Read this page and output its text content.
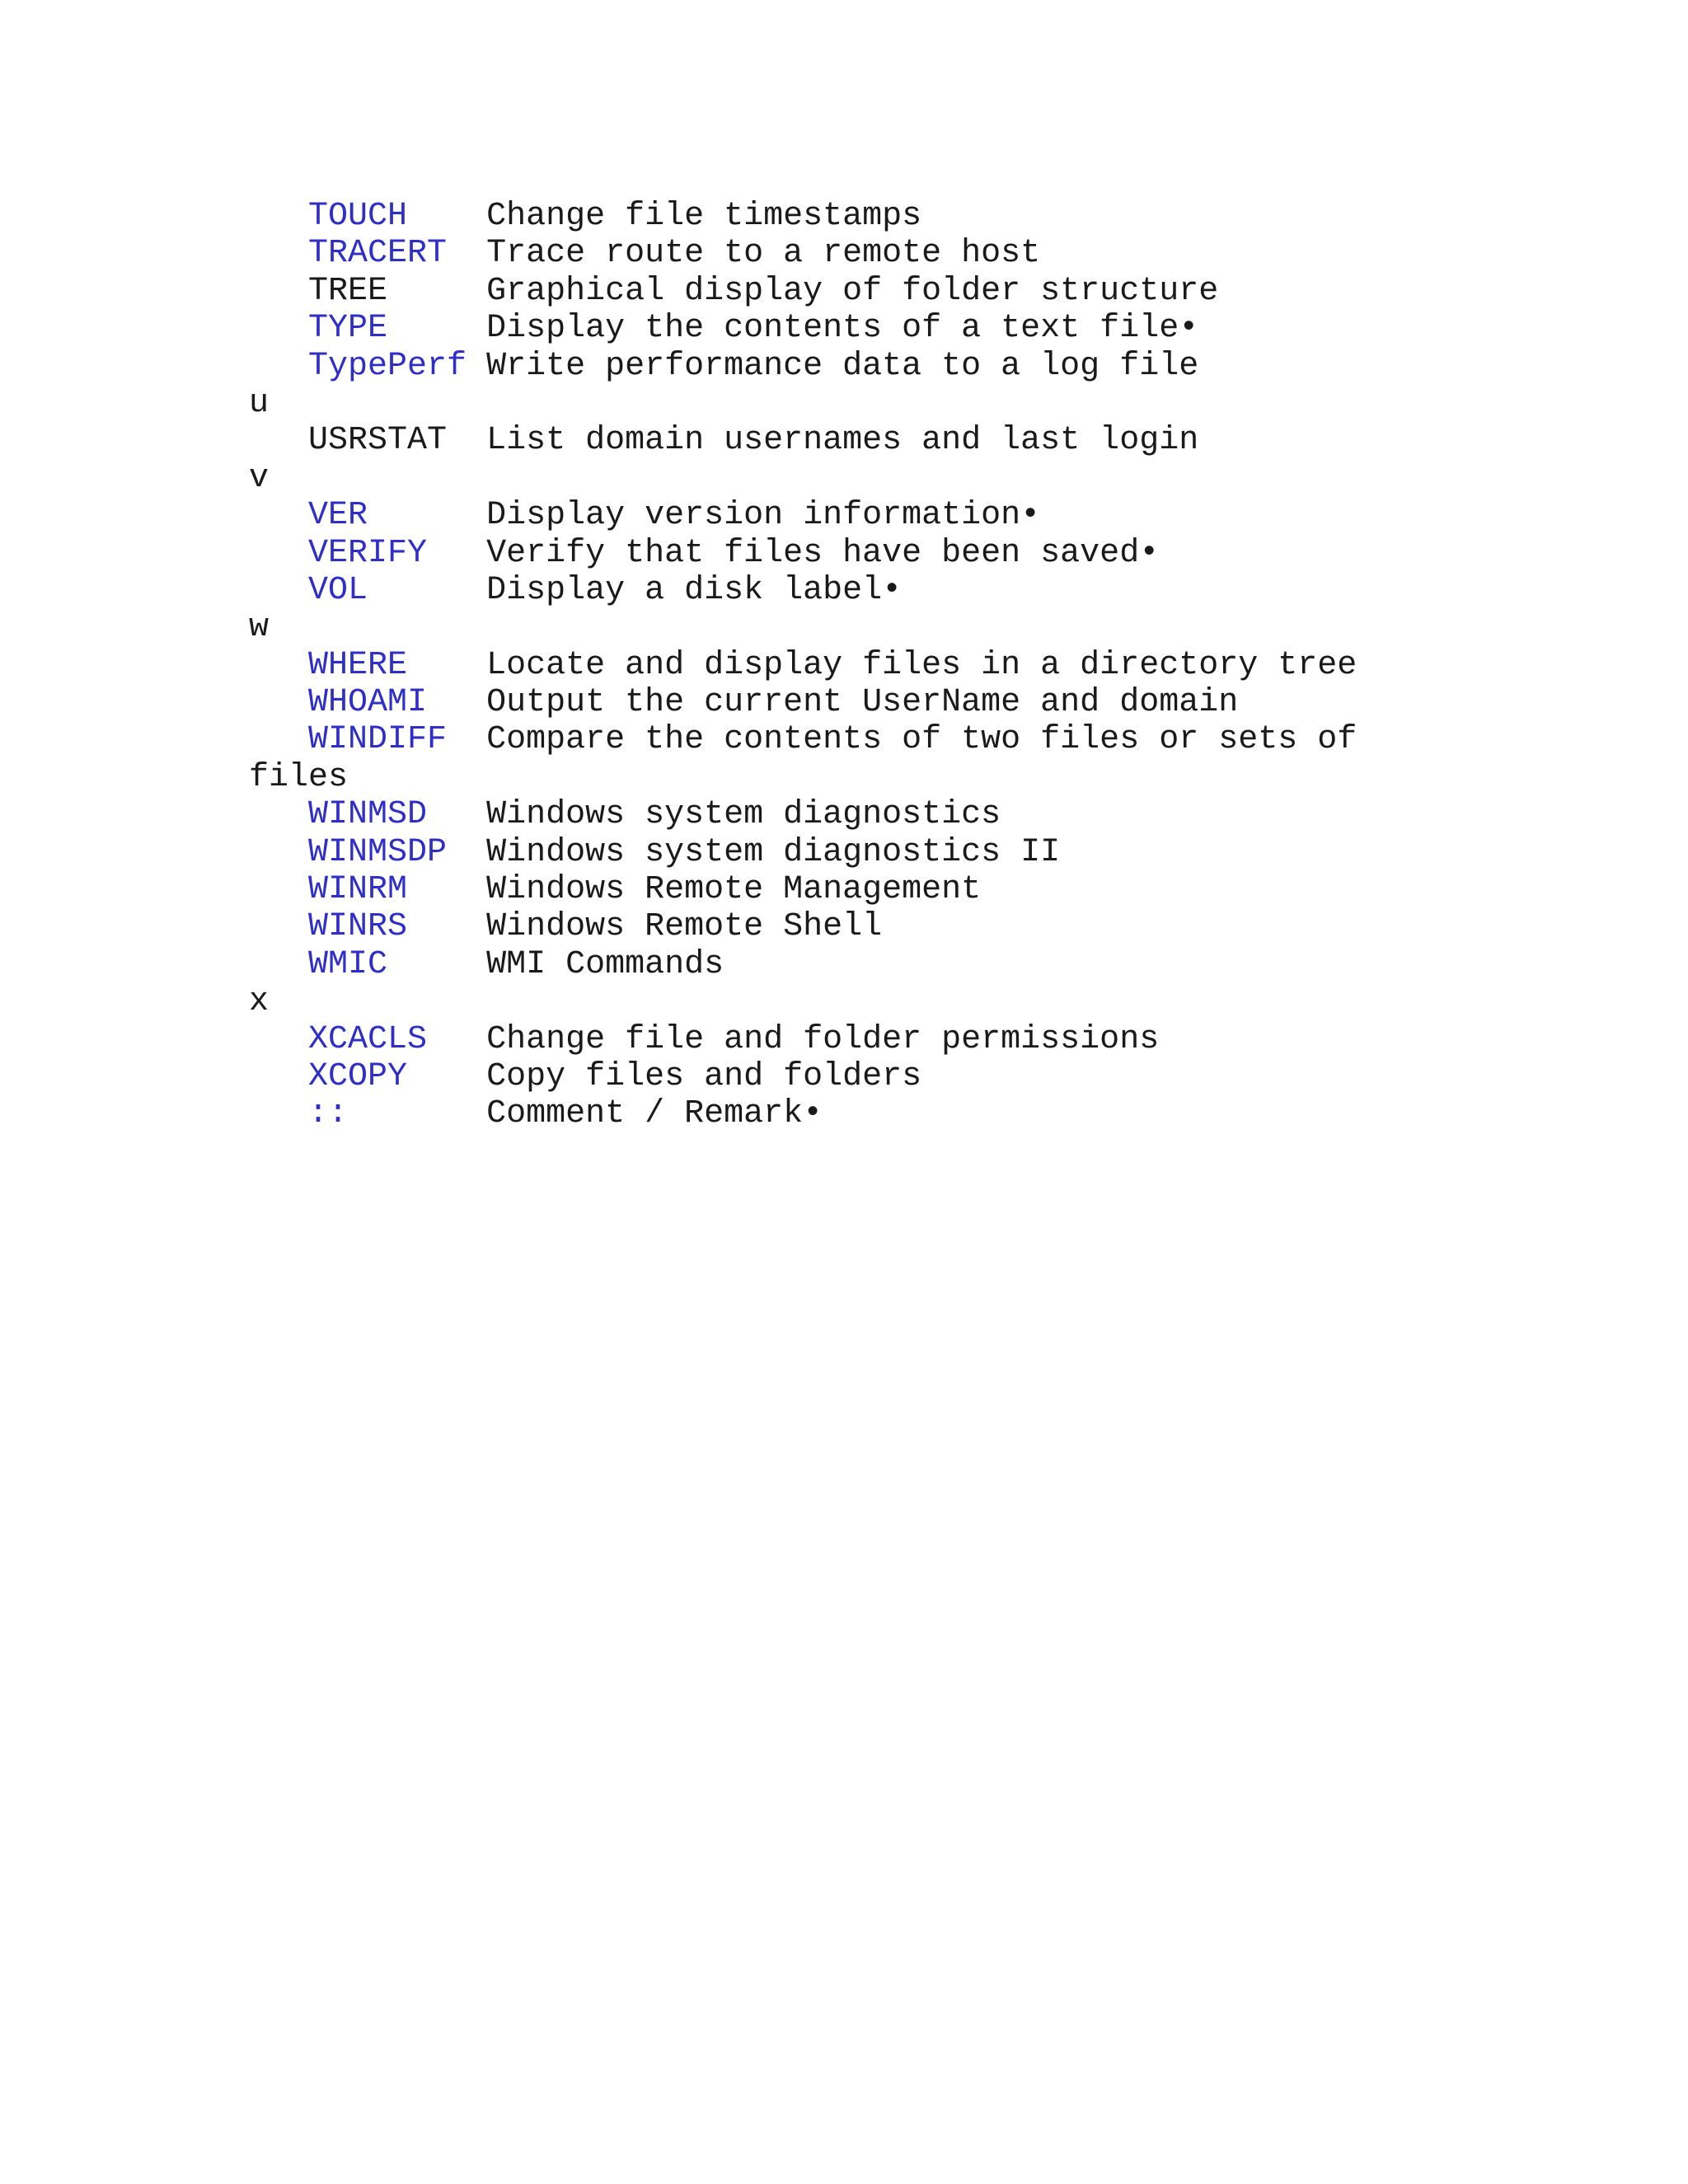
TOUCH    Change file timestamps
TRACERT  Trace route to a remote host
TREE     Graphical display of folder structure
TYPE     Display the contents of a text file•
TypePerf Write performance data to a log file
u
USRSTAT  List domain usernames and last login
v
VER      Display version information•
VERIFY   Verify that files have been saved•
VOL      Display a disk label•
w
WHERE    Locate and display files in a directory tree
WHOAMI   Output the current UserName and domain
WINDIFF  Compare the contents of two files or sets of
files
WINMSD   Windows system diagnostics
WINMSDP  Windows system diagnostics II
WINRM    Windows Remote Management
WINRS    Windows Remote Shell
WMIC     WMI Commands
x
XCACLS   Change file and folder permissions
XCOPY    Copy files and folders
::       Comment / Remark•
